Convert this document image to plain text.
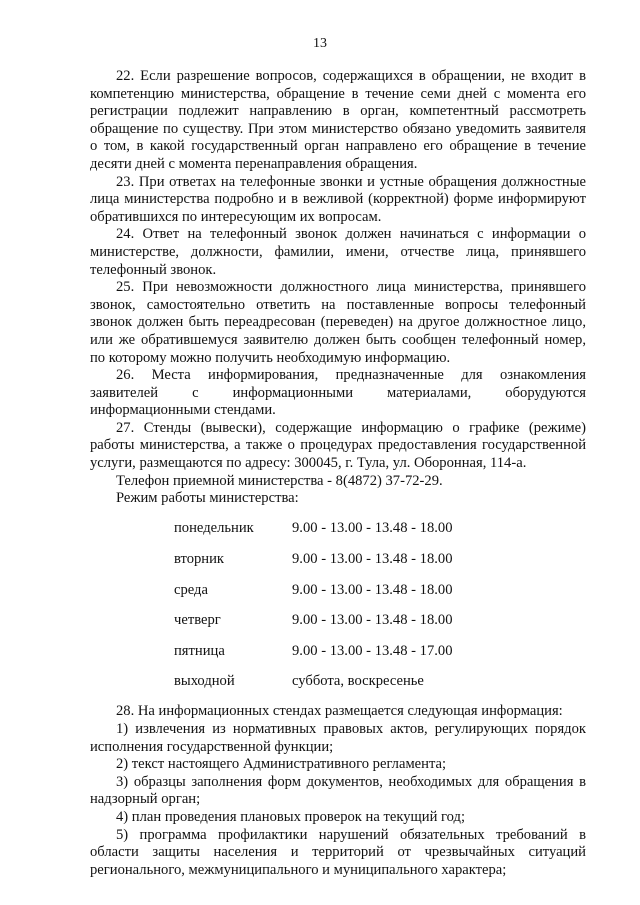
13

22. Если разрешение вопросов, содержащихся в обращении, не входит в компетенцию министерства, обращение в течение семи дней с момента его регистрации подлежит направлению в орган, компетентный рассмотреть обращение по существу. При этом министерство обязано уведомить заявителя о том, в какой государственный орган направлено его обращение в течение десяти дней с момента перенаправления обращения.

23. При ответах на телефонные звонки и устные обращения должностные лица министерства подробно и в вежливой (корректной) форме информируют обратившихся по интересующим их вопросам.

24. Ответ на телефонный звонок должен начинаться с информации о министерстве, должности, фамилии, имени, отчестве лица, принявшего телефонный звонок.

25. При невозможности должностного лица министерства, принявшего звонок, самостоятельно ответить на поставленные вопросы телефонный звонок должен быть переадресован (переведен) на другое должностное лицо, или же обратившемуся заявителю должен быть сообщен телефонный номер, по которому можно получить необходимую информацию.

26. Места информирования, предназначенные для ознакомления заявителей с информационными материалами, оборудуются информационными стендами.

27. Стенды (вывески), содержащие информацию о графике (режиме) работы министерства, а также о процедурах предоставления государственной услуги, размещаются по адресу: 300045, г. Тула, ул. Оборонная, 114-а.

Телефон приемной министерства - 8(4872) 37-72-29.

Режим работы министерства:

понедельник	9.00 - 13.00 - 13.48 - 18.00
вторник	9.00 - 13.00 - 13.48 - 18.00
среда	9.00 - 13.00 - 13.48 - 18.00
четверг	9.00 - 13.00 - 13.48 - 18.00
пятница	9.00 - 13.00 - 13.48 - 17.00
выходной	суббота, воскресенье

28. На информационных стендах размещается следующая информация:

1) извлечения из нормативных правовых актов, регулирующих порядок исполнения государственной функции;

2) текст настоящего Административного регламента;

3) образцы заполнения форм документов, необходимых для обращения в надзорный орган;

4) план проведения плановых проверок на текущий год;

5) программа профилактики нарушений обязательных требований в области защиты населения и территорий от чрезвычайных ситуаций регионального, межмуниципального и муниципального характера;
